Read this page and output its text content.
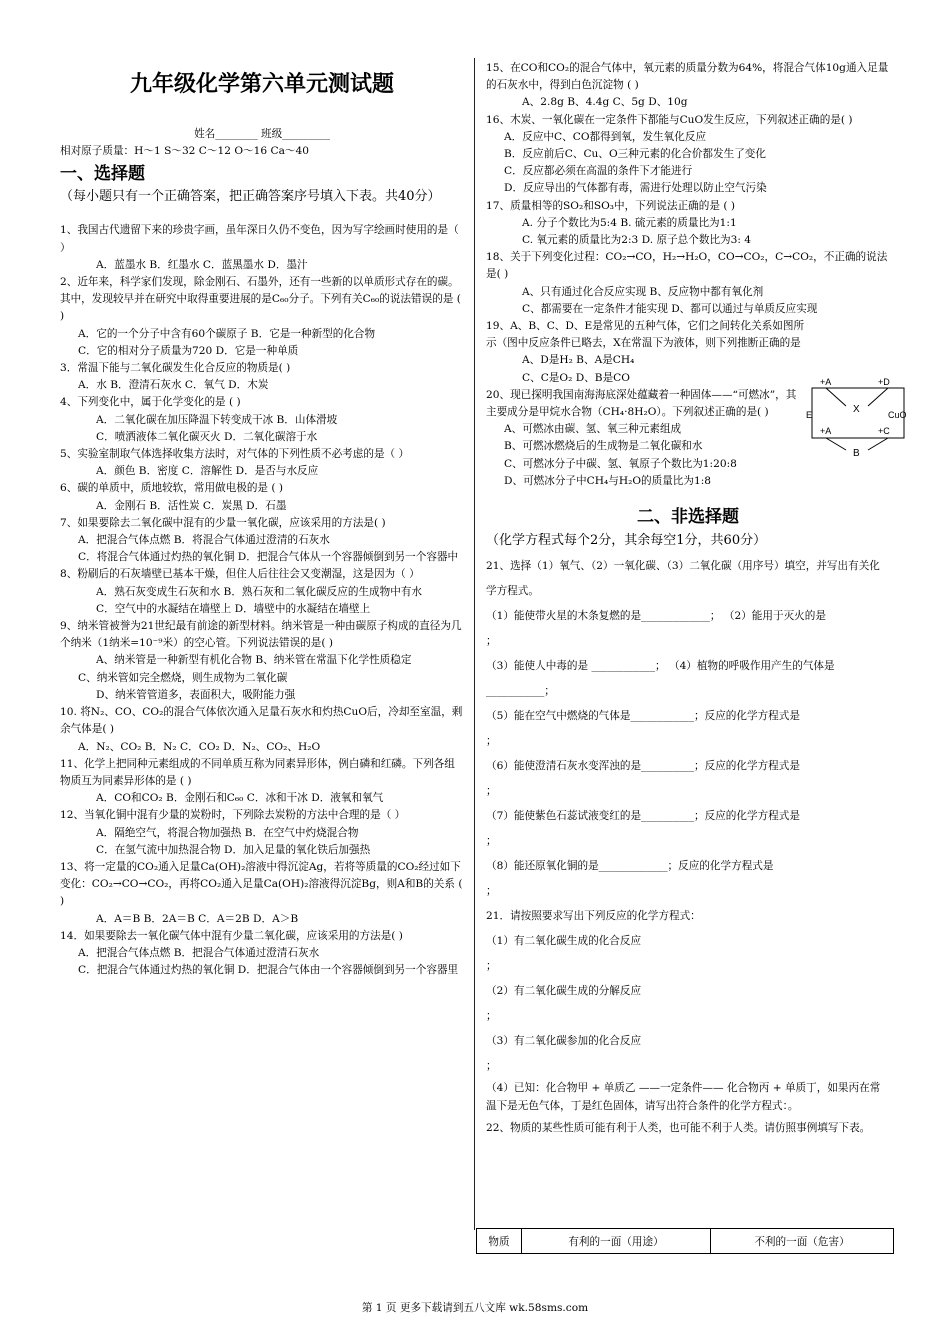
九年级化学第六单元测试题

姓名________ 班级_________

相对原子质量：H～1 S～32 C～12 O～16 Ca～40

一、选择题

（每小题只有一个正确答案，把正确答案序号填入下表。共40分）

1、我国古代遗留下来的珍贵字画，虽年深日久仍不变色，因为写字绘画时使用的是（ ）

A．蓝墨水 B．红墨水 C．蓝黑墨水 D．墨汁

2、近年来，科学家们发现，除金刚石、石墨外，还有一些新的以单质形式存在的碳。其中，发现较早并在研究中取得重要进展的是C₆₀分子。下列有关C₆₀的说法错误的是 ( )

A．它的一个分子中含有60个碳原子 B．它是一种新型的化合物

C．它的相对分子质量为720 D．它是一种单质

3．常温下能与二氧化碳发生化合反应的物质是( )

A．水 B．澄清石灰水 C．氧气 D．木炭

4、下列变化中，属于化学变化的是 ( )

A．二氧化碳在加压降温下转变成干冰 B．山体滑坡

C．喷洒液体二氧化碳灭火 D．二氧化碳溶于水

5、实验室制取气体选择收集方法时，对气体的下列性质不必考虑的是（ ）

A．颜色 B．密度 C．溶解性 D．是否与水反应

6、碳的单质中，质地较软，常用做电极的是 ( )

A．金刚石 B．活性炭 C．炭黑 D．石墨

7、如果要除去二氧化碳中混有的少量一氧化碳，应该采用的方法是( )

A．把混合气体点燃 B．将混合气体通过澄清的石灰水

C．将混合气体通过灼热的氧化铜 D．把混合气体从一个容器倾倒到另一个容器中

8、粉刷后的石灰墙壁已基本干燥，但住人后往往会又变潮湿，这是因为（ ）

A．熟石灰变成生石灰和水 B．熟石灰和二氧化碳反应的生成物中有水

C．空气中的水凝结在墙壁上 D．墙壁中的水凝结在墙壁上

9、纳米管被誉为21世纪最有前途的新型材料。纳米管是一种由碳原子构成的直径为几个纳米（1纳米=10⁻⁹米）的空心管。下列说法错误的是( )

A、纳米管是一种新型有机化合物 B、纳米管在常温下化学性质稳定

C、纳米管如完全燃烧，则生成物为二氧化碳

D、纳米管管道多，表面积大，吸附能力强

10. 将N₂、CO、CO₂的混合气体依次通入足量石灰水和灼热CuO后，冷却至室温，剩余气体是( )

A．N₂、CO₂ B．N₂ C．CO₂ D．N₂、CO₂、H₂O

11、化学上把同种元素组成的不同单质互称为同素异形体，例白磷和红磷。下列各组物质互为同素异形体的是 ( )

A．CO和CO₂ B．金刚石和C₆₀ C．冰和干冰 D．液氧和氧气

12、当氧化铜中混有少量的炭粉时，下列除去炭粉的方法中合理的是（ ）

A．隔绝空气，将混合物加强热 B．在空气中灼烧混合物

C．在氢气流中加热混合物 D．加入足量的氧化铁后加强热

13、将一定量的CO₂通入足量Ca(OH)₂溶液中得沉淀Ag，若将等质量的CO₂经过如下变化：CO₂→CO→CO₂，再将CO₂通入足量Ca(OH)₂溶液得沉淀Bg，则A和B的关系 ( )

A．A＝B B．2A＝B C．A＝2B D．A＞B

14．如果要除去一氧化碳气体中混有少量二氧化碳，应该采用的方法是( )

A．把混合气体点燃 B．把混合气体通过澄清石灰水

C．把混合气体通过灼热的氧化铜 D．把混合气体由一个容器倾倒到另一个容器里

15、在CO和CO₂的混合气体中，氧元素的质量分数为64%，将混合气体10g通入足量的石灰水中，得到白色沉淀物 ( )

A、2.8g B、4.4g C、5g D、10g

16、木炭、一氧化碳在一定条件下都能与CuO发生反应，下列叙述正确的是( )

A．反应中C、CO都得到氧，发生氧化反应

B．反应前后C、Cu、O三种元素的化合价都发生了变化

C．反应都必须在高温的条件下才能进行

D．反应导出的气体都有毒，需进行处理以防止空气污染

17、质量相等的SO₂和SO₃中，下列说法正确的是 ( )

A. 分子个数比为5:4 B. 硫元素的质量比为1:1

C. 氧元素的质量比为2:3 D. 原子总个数比为3: 4

18、关于下列变化过程：CO₂→CO，H₂→H₂O，CO→CO₂，C→CO₂，不正确的说法是( )

A、只有通过化合反应实现 B、反应物中都有氧化剂

C、都需要在一定条件才能实现 D、都可以通过与单质反应实现

19、A、B、C、D、E是常见的五种气体，它们之间转化关系如图所示（图中反应条件已略去，X在常温下为液体，则下列推断正确的是

A、D是H₂ B、A是CH₄

C、C是O₂ D、B是CO

20、现已探明我国南海海底深处蕴藏着一种固体——“可燃冰”，其主要成分是甲烷水合物（CH₄·8H₂O）。下列叙述正确的是( )

A、可燃冰由碳、氢、氧三种元素组成

B、可燃冰燃烧后的生成物是二氧化碳和水

C、可燃冰分子中碳、氢、氧原子个数比为1:20:8

D、可燃冰分子中CH₄与H₂O的质量比为1:8

+A	+D
E	X	CuO
+A	+C
B

二、非选择题

（化学方程式每个2分，其余每空1分，共60分）

21、选择（1）氧气、（2）一氧化碳、（3）二氧化碳（用序号）填空，并写出有关化学方程式。

（1）能使带火星的木条复燃的是_____________； （2）能用于灭火的是

；

（3）能使人中毒的是 ____________； （4）植物的呼吸作用产生的气体是___________；

（5）能在空气中燃烧的气体是____________；反应的化学方程式是

；

（6）能使澄清石灰水变浑浊的是__________；反应的化学方程式是

；

（7）能使紫色石蕊试液变红的是__________；反应的化学方程式是

；

（8）能还原氧化铜的是_____________；反应的化学方程式是

；

21．请按照要求写出下列反应的化学方程式：

（1）有二氧化碳生成的化合反应

；

（2）有二氧化碳生成的分解反应

；

（3）有二氧化碳参加的化合反应

；

（4）已知：化合物甲 + 单质乙 ——一定条件—— 化合物丙 + 单质丁，如果丙在常温下是无色气体，丁是红色固体，请写出符合条件的化学方程式：。

22、物质的某些性质可能有利于人类，也可能不利于人类。请仿照事例填写下表。

物质	有利的一面（用途）	不利的一面（危害）
第 1 页 更多下载请到五八文库 wk.58sms.com
